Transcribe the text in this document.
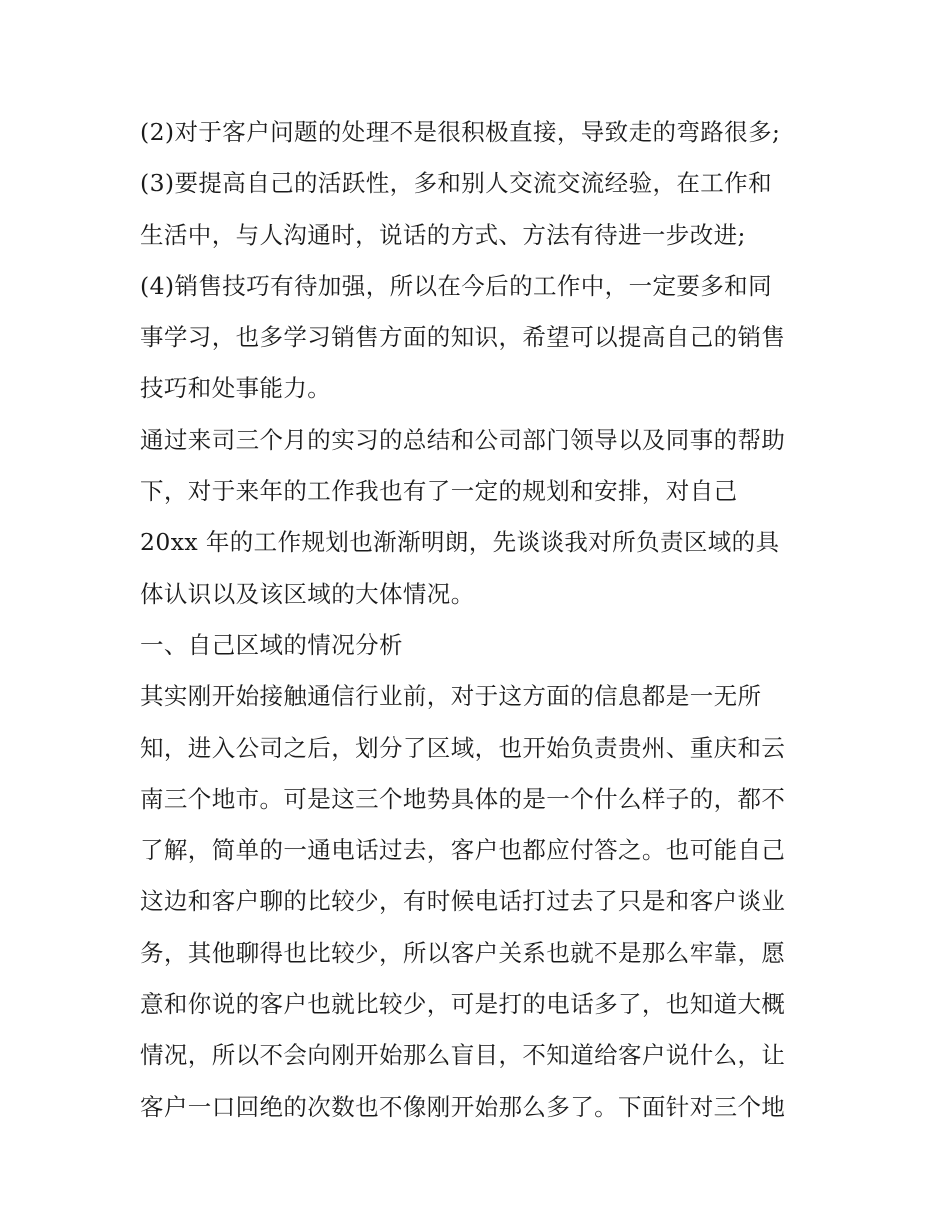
(2)对于客户问题的处理不是很积极直接，导致走的弯路很多;
(3)要提高自己的活跃性，多和别人交流交流经验，在工作和
生活中，与人沟通时，说话的方式、方法有待进一步改进;
(4)销售技巧有待加强，所以在今后的工作中，一定要多和同
事学习，也多学习销售方面的知识，希望可以提高自己的销售
技巧和处事能力。
通过来司三个月的实习的总结和公司部门领导以及同事的帮助
下，对于来年的工作我也有了一定的规划和安排，对自己
20xx 年的工作规划也渐渐明朗，先谈谈我对所负责区域的具
体认识以及该区域的大体情况。
一、自己区域的情况分析
其实刚开始接触通信行业前，对于这方面的信息都是一无所
知，进入公司之后，划分了区域，也开始负责贵州、重庆和云
南三个地市。可是这三个地势具体的是一个什么样子的，都不
了解，简单的一通电话过去，客户也都应付答之。也可能自己
这边和客户聊的比较少，有时候电话打过去了只是和客户谈业
务，其他聊得也比较少，所以客户关系也就不是那么牢靠，愿
意和你说的客户也就比较少，可是打的电话多了，也知道大概
情况，所以不会向刚开始那么盲目，不知道给客户说什么，让
客户一口回绝的次数也不像刚开始那么多了。下面针对三个地
